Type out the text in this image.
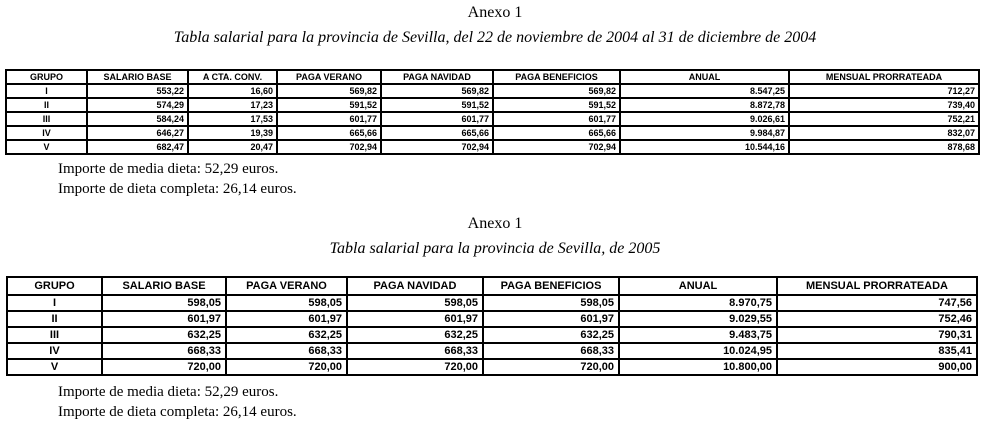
Anexo 1
Tabla salarial para la provincia de Sevilla, del 22 de noviembre de 2004 al 31 de diciembre de 2004
GRUPO	SALARIO BASE	A CTA. CONV.	PAGA VERANO	PAGA NAVIDAD	PAGA BENEFICIOS	ANUAL	MENSUAL PRORRATEADA
I	553,22	16,60	569,82	569,82	569,82	8.547,25	712,27
II	574,29	17,23	591,52	591,52	591,52	8.872,78	739,40
III	584,24	17,53	601,77	601,77	601,77	9.026,61	752,21
IV	646,27	19,39	665,66	665,66	665,66	9.984,87	832,07
V	682,47	20,47	702,94	702,94	702,94	10.544,16	878,68
Importe de media dieta: 52,29 euros.
Importe de dieta completa: 26,14 euros.
Anexo 1
Tabla salarial para la provincia de Sevilla, de 2005
GRUPO	SALARIO BASE	PAGA VERANO	PAGA NAVIDAD	PAGA BENEFICIOS	ANUAL	MENSUAL PRORRATEADA
I	598,05	598,05	598,05	598,05	8.970,75	747,56
II	601,97	601,97	601,97	601,97	9.029,55	752,46
III	632,25	632,25	632,25	632,25	9.483,75	790,31
IV	668,33	668,33	668,33	668,33	10.024,95	835,41
V	720,00	720,00	720,00	720,00	10.800,00	900,00
Importe de media dieta: 52,29 euros.
Importe de dieta completa: 26,14 euros.
